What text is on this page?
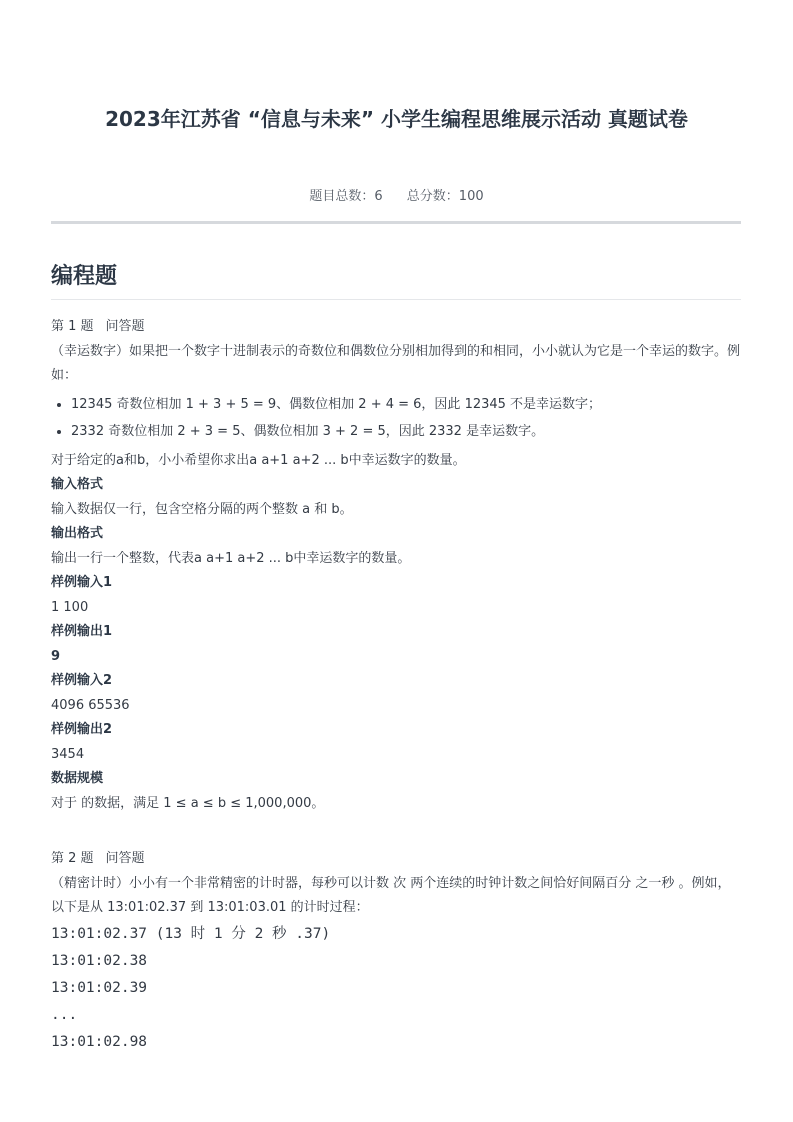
2023年江苏省 “信息与未来” 小学生编程思维展示活动 真题试卷
题目总数：6 总分数：100
编程题

第 1 题 问答题

（幸运数字）如果把一个数字十进制表示的奇数位和偶数位分别相加得到的和相同，小小就认为它是一个幸运的数字。例如：

• 12345 奇数位相加 1 + 3 + 5 = 9、偶数位相加 2 + 4 = 6，因此 12345 不是幸运数字；
• 2332 奇数位相加 2 + 3 = 5、偶数位相加 3 + 2 = 5，因此 2332 是幸运数字。

对于给定的a和b，小小希望你求出a a+1 a+2 ... b中幸运数字的数量。

输入格式

输入数据仅一行，包含空格分隔的两个整数 a 和 b。

输出格式

输出一行一个整数，代表a a+1 a+2 ... b中幸运数字的数量。

样例输入1

1 100

样例输出1

9

样例输入2

4096 65536

样例输出2

3454

数据规模

对于 的数据，满足 1 ≤ a ≤ b ≤ 1,000,000。

第 2 题 问答题

（精密计时）小小有一个非常精密的计时器，每秒可以计数 次 两个连续的时钟计数之间恰好间隔百分 之一秒 。例如，以下是从 13:01:02.37 到 13:01:03.01 的计时过程：

13:01:02.37 (13 时 1 分 2 秒 .37)
13:01:02.38
13:01:02.39
...
13:01:02.98
